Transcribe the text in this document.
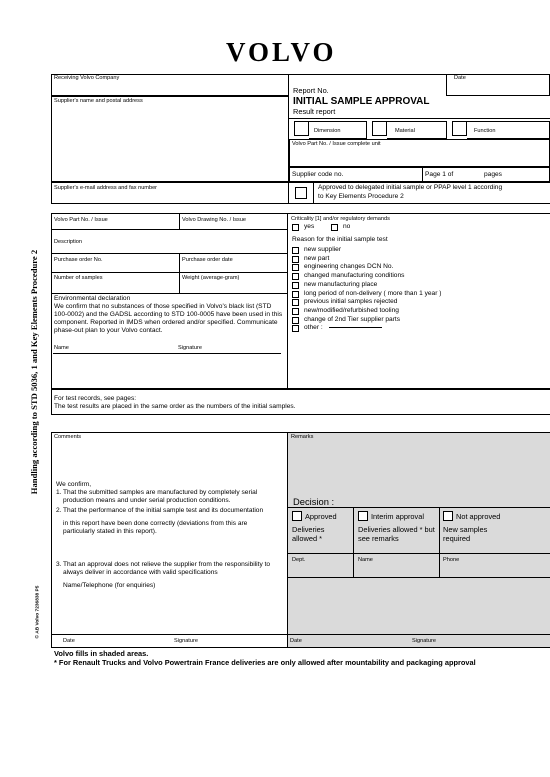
VOLVO
Handling according to STD 5036, 1 and Key Elements Procedure 2
© AB Volvo 7236838 P5
Receiving Volvo Company	Date
Report No.
Supplier's name and postal address	INITIAL SAMPLE APPROVAL
Result report
Dimension	Material	Function
Volvo Part No. / Issue complete unit
Supplier code no.	Page 1 of	pages
Supplier's e-mail address and fax number	Approved to delegated initial sample or PPAP level 1 according
to Key Elements Procedure 2
Volvo Part No. / Issue	Volvo Drawing No. / Issue
Description
Purchase order No.	Purchase order date
Number of samples	Weight (average-gram)
Environmental declaration
We confirm that no substances of those specified in Volvo's black list (STD 100-0002) and the GADSL according to STD 100-0005 have been used in this component. Reported in IMDS when ordered and/or specified. Communicate phase-out plan to your Volvo contact.
Name	Signature
Criticality [1] and/or regulatory demands
yes	no
Reason for the initial sample test
new supplier
new part
engineering changes DCN No.
changed manufacturing conditions
new manufacturing place
long period of non-delivery ( more than 1 year )
previous initial samples rejected
new/modified/refurbished tooling
change of 2nd Tier supplier parts
other :
For test records, see pages:
The test results are placed in the same order as the numbers of the initial samples.
Comments	Remarks
We confirm,
1. That the submitted samples are manufactured by completely serial production means and under serial production conditions.
2. That the performance of the initial sample test and its documentation
in this report have been done correctly (deviations from this are particularly stated in this report).
3. That an approval does not relieve the supplier from the responsibility to always deliver in accordance with valid specifications
Name/Telephone (for enquiries)
Date	Signature	Date	Signature
Decision :
Approved
Deliveries allowed *
Interim approval
Deliveries allowed * but see remarks
Not approved
New samples required
Dept.	Name	Phone
Volvo fills in shaded areas.
* For Renault Trucks and Volvo Powertrain France deliveries are only allowed after mountability and packaging approval
